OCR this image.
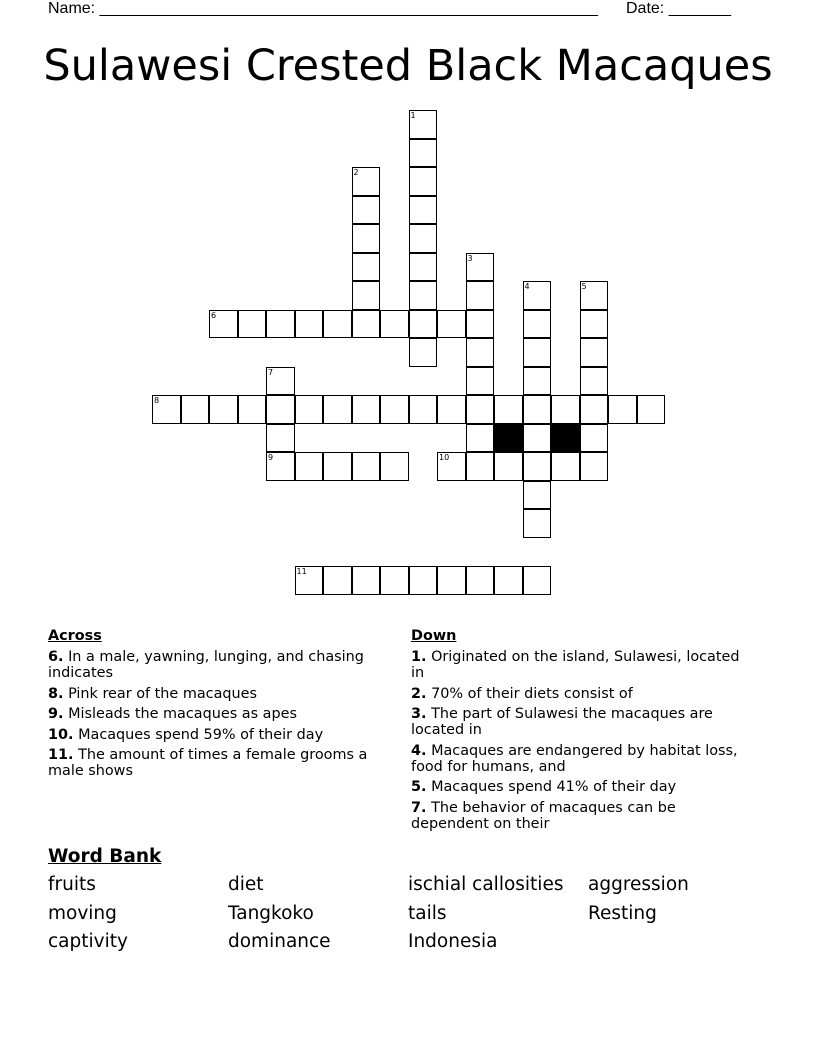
Name: ________________________________________________________ Date: _______
Sulawesi Crested Black Macaques
1
2
3
4	5
6
7
8
9	10
11
Across
6. In a male, yawning, lunging, and chasing indicates
8. Pink rear of the macaques
9. Misleads the macaques as apes
10. Macaques spend 59% of their day
11. The amount of times a female grooms a male shows
Down
1. Originated on the island, Sulawesi, located in
2. 70% of their diets consist of
3. The part of Sulawesi the macaques are located in
4. Macaques are endangered by habitat loss, food for humans, and
5. Macaques spend 41% of their day
7. The behavior of macaques can be dependent on their
Word Bank
fruits	diet	ischial callosities	aggression
moving	Tangkoko	tails	Resting
captivity	dominance	Indonesia
